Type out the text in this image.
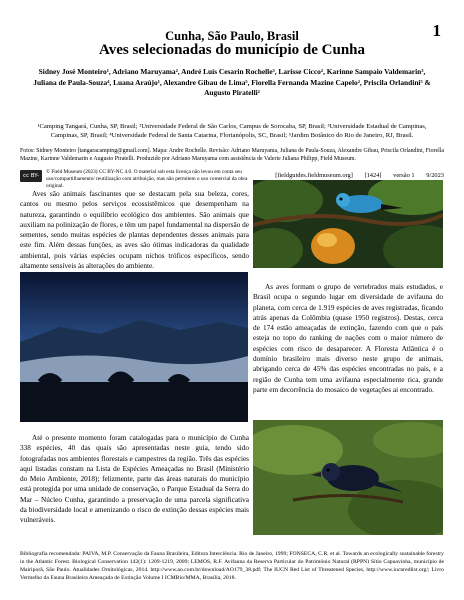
Cunha, São Paulo, Brasil	1
Aves selecionadas do município de Cunha
Sidney José Monteiro¹, Adriano Maruyama², André Luís Cesarin Rochelle³, Larisse Cicco², Karinne Sampaio Valdemarin³, Juliana de Paula-Souza⁴, Luana Araújo¹, Alexandre Gibau de Lima⁵, Fiorella Fernanda Mazine Capelo², Priscila Orlandini⁵ & Augusto Piratelli²
¹Camping Tangará, Cunha, SP, Brasil; ²Universidade Federal de São Carlos, Campus de Sorocaba, SP, Brasil; ³Universidade Estadual de Campinas, Campinas, SP, Brasil; ⁴Universidade Federal de Santa Catarina, Florianópolis, SC, Brasil; ⁵Jardim Botânico do Rio de Janeiro, RJ, Brasil.
Fotos: Sidney Monteiro [tangaracamping@gmail.com]. Mapa: Andre Rochelle. Revisão: Adriano Maruyama, Juliana de Paula-Souza, Alexandre Gibau, Priscila Orlandini, Fiorella Mazine, Karinne Valdemarin e Augusto Piratelli. Produzido por Adriano Maruyama com assistência de Valerie Juliana Philipp, Field Museum.
cc BY-NC
© Field Museum (2023) CC BY-NC 4.0. O material sob esta licença não levou em conta seu uso/compartilhamento/ reutilização com atribuição, mas não permitem o uso comercial da obra original.
[fieldguides.fieldmuseum.org] [1424] versão 1 9/2023
Aves são animais fascinantes que se destacam pela sua beleza, cores, cantos ou mesmo pelos serviços ecossistêmicos que desempenham na natureza, garantindo o equilíbrio ecológico dos ambientes. São animais que auxiliam na polinização de flores, e têm um papel fundamental na dispersão de sementes, sendo muitas espécies de plantas dependentes desses animais para este fim. Além dessas funções, as aves são ótimas indicadoras da qualidade ambiental, pois várias espécies ocupam nichos tróficos específicos, sendo altamente sensíveis às alterações do ambiente.
As aves formam o grupo de vertebrados mais estudados, e Brasil ocupa o segundo lugar em diversidade de avifauna do planeta, com cerca de 1.919 espécies de aves registradas, ficando atrás apenas da Colômbia (quase 1950 registros). Destas, cerca de 174 estão ameaçadas de extinção, fazendo com que o país esteja no topo do ranking de nações com o maior número de espécies com risco de desaparecer. A Floresta Atlântica é o domínio brasileiro mais diverso neste grupo de animais, abrigando cerca de 45% das espécies encontradas no país, e a região de Cunha tem uma avifauna especialmente rica, grande parte em decorrência do mosaico de vegetações ai encontrado.
Até o presente momento foram catalogadas para o município de Cunha 338 espécies, 40 das quais são apresentadas neste guia, tendo sido fotografadas nos ambientes florestais e campestres da região. Três das espécies aqui listadas constam na Lista de Espécies Ameaçadas no Brasil (Ministério do Meio Ambiente, 2018); felizmente, parte das áreas naturais do município está protegida por uma unidade de conservação, o Parque Estadual da Serra do Mar – Núcleo Cunha, garantindo a preservação de uma parcela significativa da biodiversidade local e amenizando o risco de extinção dessas espécies mais vulneráveis.
Bibliografia recomendada: PAIVA, M.P. Conservação da Fauna Brasileira, Editora Interciência. Rio de Janeiro, 1999; FONSECA, C.R. et al. Towards an ecologically sustainable forestry in the Atlantic Forest. Biological Conservation 142(1): 1209-1219, 2009; LEMOS, R.F. Avifauna da Reserva Particular do Patrimônio Natural (RPPN) Sítio Capuavinha, município de Mairiporã, São Paulo. Atualidades Ornitológicas, 2014. http://www.ao.com.br/download/AO179_38.pdf; The IUCN Red List of Threatened Species, http://www.iucnredlist.org/; Livro Vermelho da Fauna Brasileira Ameaçada de Extinção Volume I ICMBio/MMA, Brasília, 2018.
